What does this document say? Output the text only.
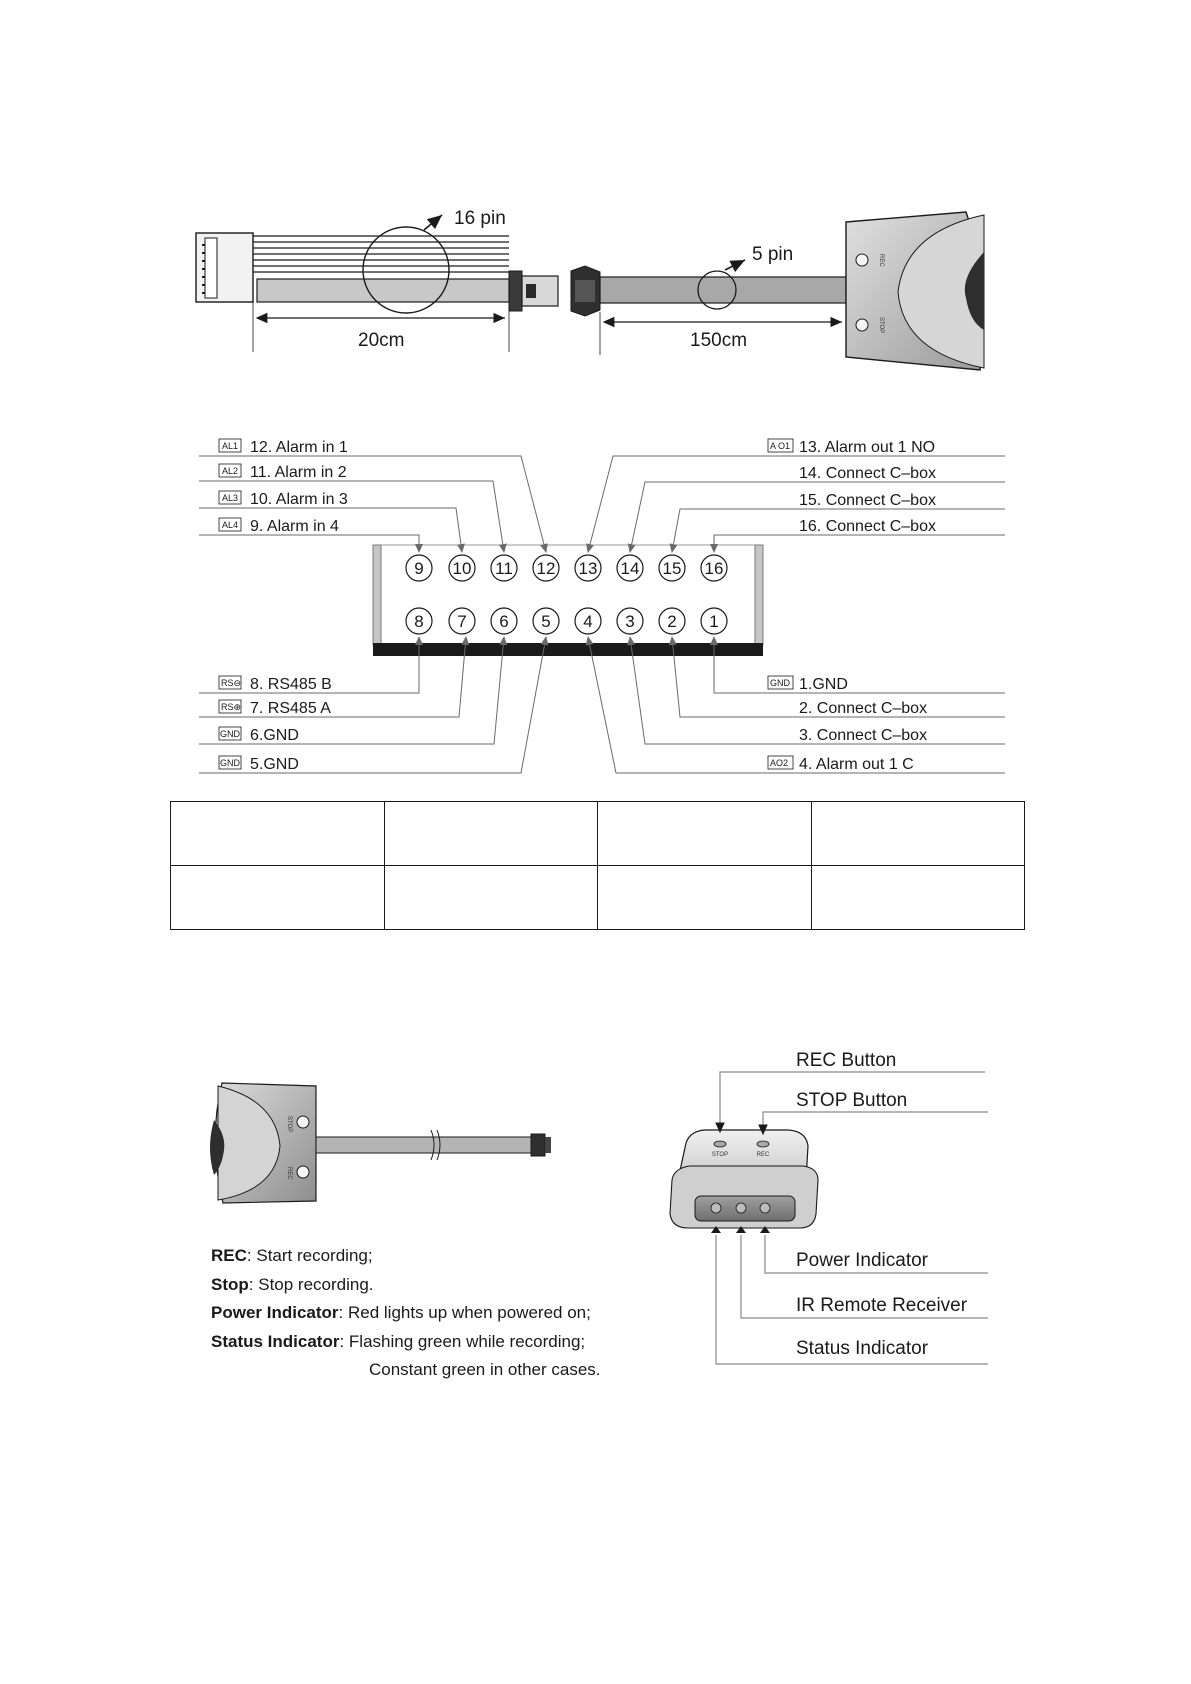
16 pin
5 pin	REC
STOP
20cm	150cm
9 10 11 12 13 14 15 16
8 7 6 5 4 3 2 1
AL1 12. Alarm in 1
AL2 11. Alarm in 2
AL3 10. Alarm in 3
AL4 9. Alarm in 4
A O1 13. Alarm out 1 NO
14. Connect C–box
15. Connect C–box
16. Connect C–box
RS⊖ 8. RS485 B
RS⊕ 7. RS485 A
GND 6.GND
GND 5.GND
GND 1.GND
2. Connect C–box
3. Connect C–box
AO2 4. Alarm out 1 C

STOP
REC
STOP	REC
REC Button
STOP Button
Power Indicator
IR Remote Receiver
Status Indicator
REC: Start recording;
Stop: Stop recording.
Power Indicator: Red lights up when powered on;
Status Indicator: Flashing green while recording;
Constant green in other cases.
